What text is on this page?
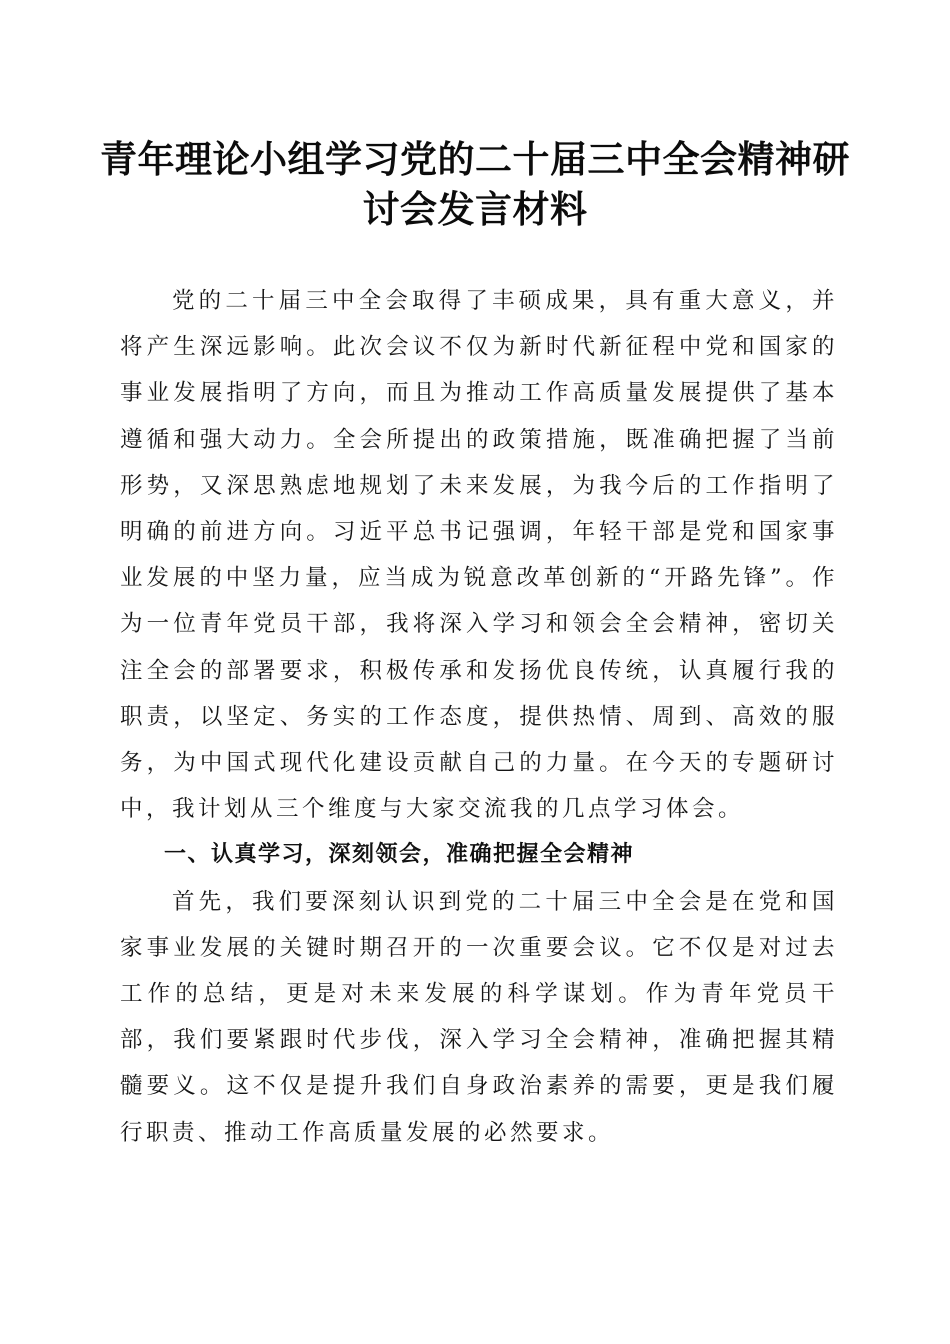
青年理论小组学习党的二十届三中全会精神研
讨会发言材料

党的二十届三中全会取得了丰硕成果，具有重大意义，并将产生深远影响。此次会议不仅为新时代新征程中党和国家的事业发展指明了方向，而且为推动工作高质量发展提供了基本遵循和强大动力。全会所提出的政策措施，既准确把握了当前形势，又深思熟虑地规划了未来发展，为我今后的工作指明了明确的前进方向。习近平总书记强调，年轻干部是党和国家事业发展的中坚力量，应当成为锐意改革创新的“开路先锋”。作为一位青年党员干部，我将深入学习和领会全会精神，密切关注全会的部署要求，积极传承和发扬优良传统，认真履行我的职责，以坚定、务实的工作态度，提供热情、周到、高效的服务，为中国式现代化建设贡献自己的力量。在今天的专题研讨中，我计划从三个维度与大家交流我的几点学习体会。

一、认真学习，深刻领会，准确把握全会精神

首先，我们要深刻认识到党的二十届三中全会是在党和国家事业发展的关键时期召开的一次重要会议。它不仅是对过去工作的总结，更是对未来发展的科学谋划。作为青年党员干部，我们要紧跟时代步伐，深入学习全会精神，准确把握其精髓要义。这不仅是提升我们自身政治素养的需要，更是我们履行职责、推动工作高质量发展的必然要求。
